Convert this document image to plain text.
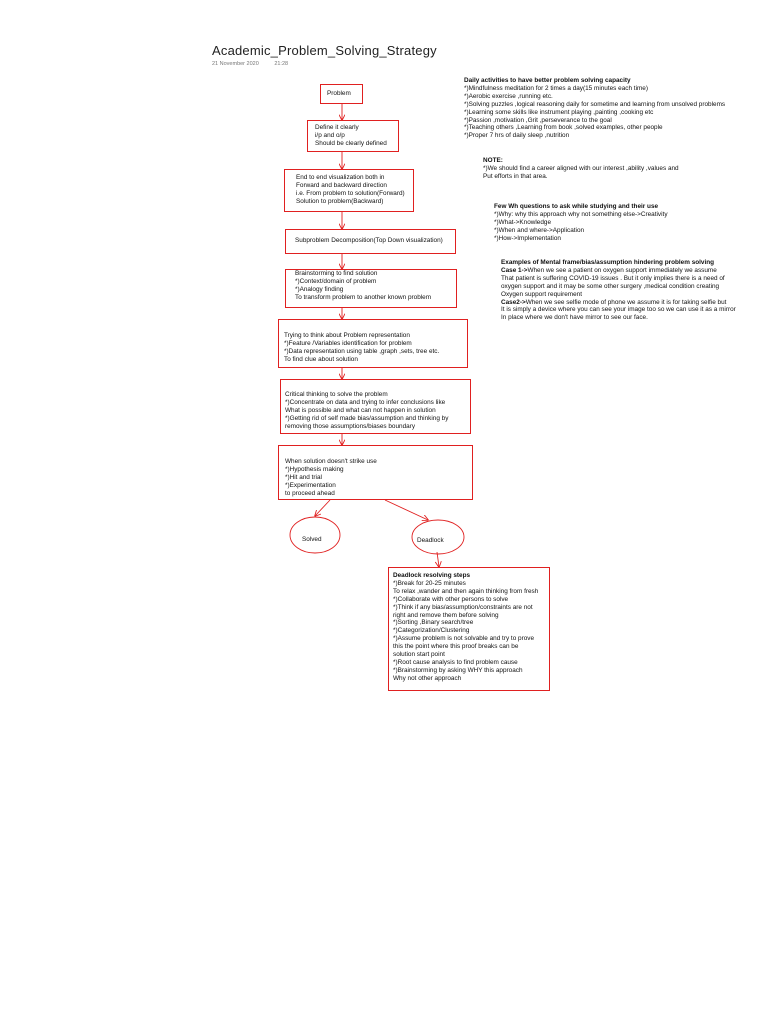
Academic_Problem_Solving_Strategy
21 November 2020	21:28
Problem
Define it clearly
i/p and o/p
Should be clearly defined
End to end visualization both in
Forward and backward direction
i.e. From problem to solution(Forward)
Solution to problem(Backward)
Subproblem Decomposition(Top Down visualization)
Brainstorming to find solution
*)Context/domain of problem
*)Analogy finding
To transform problem to another known problem
Trying to think about Problem representation
*)Feature /Variables identification for problem
*)Data representation using table ,graph ,sets, tree etc.
To find clue about solution
Critical thinking to solve the problem
*)Concentrate on data and trying to infer conclusions like
What is possible and what can not happen in solution
*)Getting rid of self made bias/assumption and thinking by
removing those assumptions/biases boundary
When solution doesn't strike use
*)Hypothesis making
*)Hit and trial
*)Experimentation
to proceed ahead
Solved	Deadlock
Deadlock resolving steps
*)Break for 20-25 minutes
To relax ,wander and then again thinking from fresh
*)Collaborate with other persons to solve
*)Think if any bias/assumption/constraints are not
right and remove them before solving
*)Sorting ,Binary search/tree
*)Categorization/Clustering
*)Assume problem is not solvable and try to prove
this the point where this proof breaks can be
solution start point
*)Root cause analysis to find problem cause
*)Brainstorming by asking WHY this approach
Why not other approach
Daily activities to have better problem solving capacity
*)Mindfulness meditation for 2 times a day(15 minutes each time)
*)Aerobic exercise ,running etc.
*)Solving puzzles ,logical reasoning daily for sometime and learning from unsolved problems
*)Learning some skills like instrument playing ,painting ,cooking etc
*)Passion ,motivation ,Grit ,perseverance to the goal
*)Teaching others ,Learning from book ,solved examples, other people
*)Proper 7 hrs of daily sleep ,nutrition
NOTE:
*)We should find a career aligned with our interest ,ability ,values and
Put efforts in that area.
Few Wh questions to ask while studying and their use
*)Why: why this approach why not something else->Creativity
*)What->Knowledge
*)When and where->Application
*)How->Implementation
Examples of Mental frame/bias/assumption hindering problem solving
Case 1->When we see a patient on oxygen support immediately we assume
That patient is suffering COVID-19 issues . But it only implies there is a need of
oxygen support and it may be some other surgery ,medical condition creating
Oxygen support requirement
Case2->When we see selfie mode of phone we assume it is for taking selfie but
It is simply a device where you can see your image too so we can use it as a mirror
In place where we don't have mirror to see our face.
